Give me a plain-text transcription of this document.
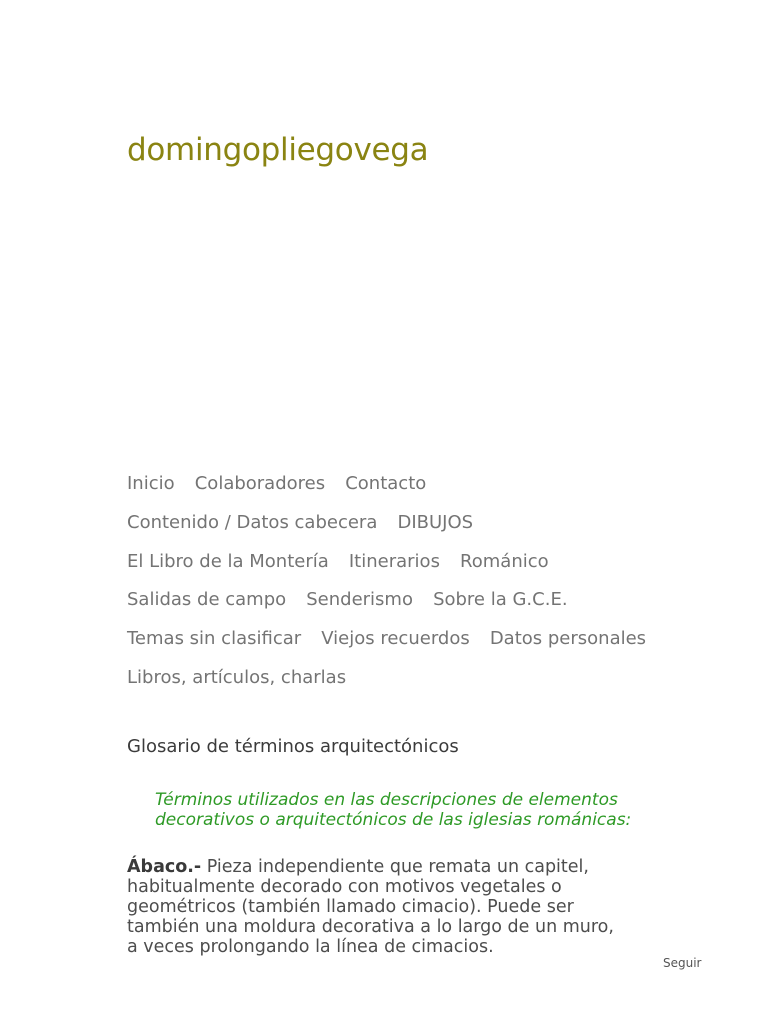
domingopliegovega
Inicio Colaboradores Contacto
Contenido / Datos cabecera DIBUJOS
El Libro de la Montería Itinerarios Románico
Salidas de campo Senderismo Sobre la G.C.E.
Temas sin clasificar Viejos recuerdos Datos personales
Libros, artículos, charlas
Glosario de términos arquitectónicos

Términos utilizados en las descripciones de elementos decorativos o arquitectónicos de las iglesias románicas:

Ábaco.- Pieza independiente que remata un capitel, habitualmente decorado con motivos vegetales o geométricos (también llamado cimacio). Puede ser también una moldura decorativa a lo largo de un muro, a veces prolongando la línea de cimacios.

Seguir
